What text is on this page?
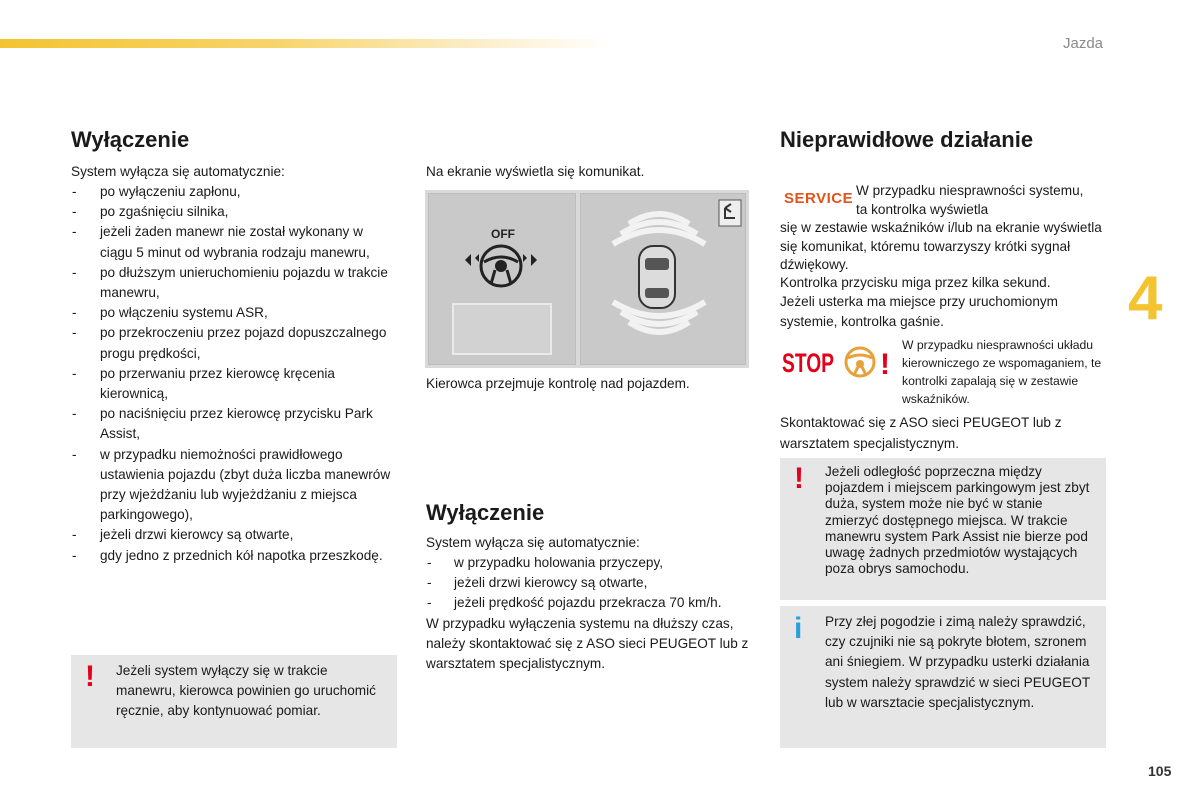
Jazda
4
105
Wyłączenie

System wyłącza się automatycznie:

- po wyłączeniu zapłonu,
- po zgaśnięciu silnika,
- jeżeli żaden manewr nie został wykonany w ciągu 5 minut od wybrania rodzaju manewru,
- po dłuższym unieruchomieniu pojazdu w trakcie manewru,
- po włączeniu systemu ASR,
- po przekroczeniu przez pojazd dopuszczalnego progu prędkości,
- po przerwaniu przez kierowcę kręcenia kierownicą,
- po naciśnięciu przez kierowcę przycisku Park Assist,
- w przypadku niemożności prawidłowego ustawienia pojazdu (zbyt duża liczba manewrów przy wjeżdżaniu lub wyjeżdżaniu z miejsca parkingowego),
- jeżeli drzwi kierowcy są otwarte,
- gdy jedno z przednich kół napotka przeszkodę.
! Jeżeli system wyłączy się w trakcie manewru, kierowca powinien go uruchomić ręcznie, aby kontynuować pomiar.

Na ekranie wyświetla się komunikat.

OFF

Kierowca przejmuje kontrolę nad pojazdem.

Wyłączenie

System wyłącza się automatycznie:

- w przypadku holowania przyczepy,
- jeżeli drzwi kierowcy są otwarte,
- jeżeli prędkość pojazdu przekracza 70 km/h.

W przypadku wyłączenia systemu na dłuższy czas, należy skontaktować się z ASO sieci PEUGEOT lub z warsztatem specjalistycznym.

Nieprawidłowe działanie
SERVICE W przypadku niesprawności systemu, ta kontrolka wyświetla

się w zestawie wskaźników i/lub na ekranie wyświetla się komunikat, któremu towarzyszy krótki sygnał dźwiękowy.

Kontrolka przycisku miga przez kilka sekund.

Jeżeli usterka ma miejsce przy uruchomionym systemie, kontrolka gaśnie.

STOP !

W przypadku niesprawności układu kierowniczego ze wspomaganiem, te kontrolki zapalają się w zestawie wskaźników.

Skontaktować się z ASO sieci PEUGEOT lub z warsztatem specjalistycznym.

! Jeżeli odległość poprzeczna między pojazdem i miejscem parkingowym jest zbyt duża, system może nie być w stanie zmierzyć dostępnego miejsca. W trakcie manewru system Park Assist nie bierze pod uwagę żadnych przedmiotów wystających poza obrys samochodu.
i Przy złej pogodzie i zimą należy sprawdzić, czy czujniki nie są pokryte błotem, szronem ani śniegiem. W przypadku usterki działania system należy sprawdzić w sieci PEUGEOT lub w warsztacie specjalistycznym.
